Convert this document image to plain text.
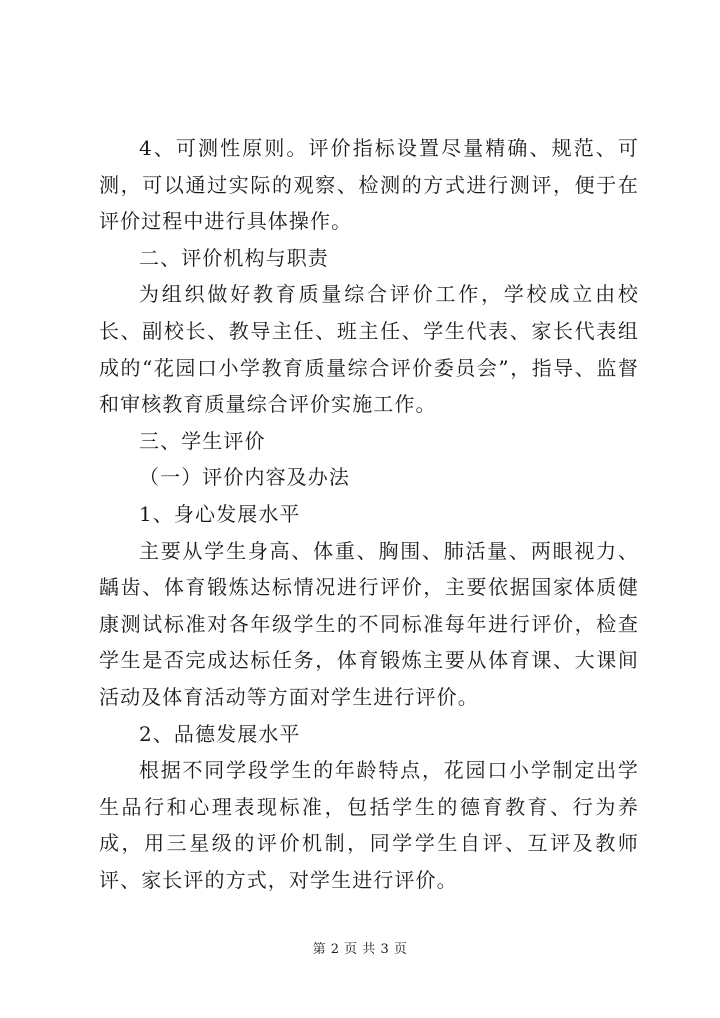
4、可测性原则。评价指标设置尽量精确、规范、可测，可以通过实际的观察、检测的方式进行测评，便于在评价过程中进行具体操作。

二、评价机构与职责

为组织做好教育质量综合评价工作，学校成立由校长、副校长、教导主任、班主任、学生代表、家长代表组成的“花园口小学教育质量综合评价委员会”，指导、监督和审核教育质量综合评价实施工作。

三、学生评价

（一）评价内容及办法

1、身心发展水平

主要从学生身高、体重、胸围、肺活量、两眼视力、龋齿、体育锻炼达标情况进行评价，主要依据国家体质健康测试标准对各年级学生的不同标准每年进行评价，检查学生是否完成达标任务，体育锻炼主要从体育课、大课间活动及体育活动等方面对学生进行评价。

2、品德发展水平

根据不同学段学生的年龄特点，花园口小学制定出学生品行和心理表现标准，包括学生的德育教育、行为养成，用三星级的评价机制，同学学生自评、互评及教师评、家长评的方式，对学生进行评价。

第 2 页 共 3 页
